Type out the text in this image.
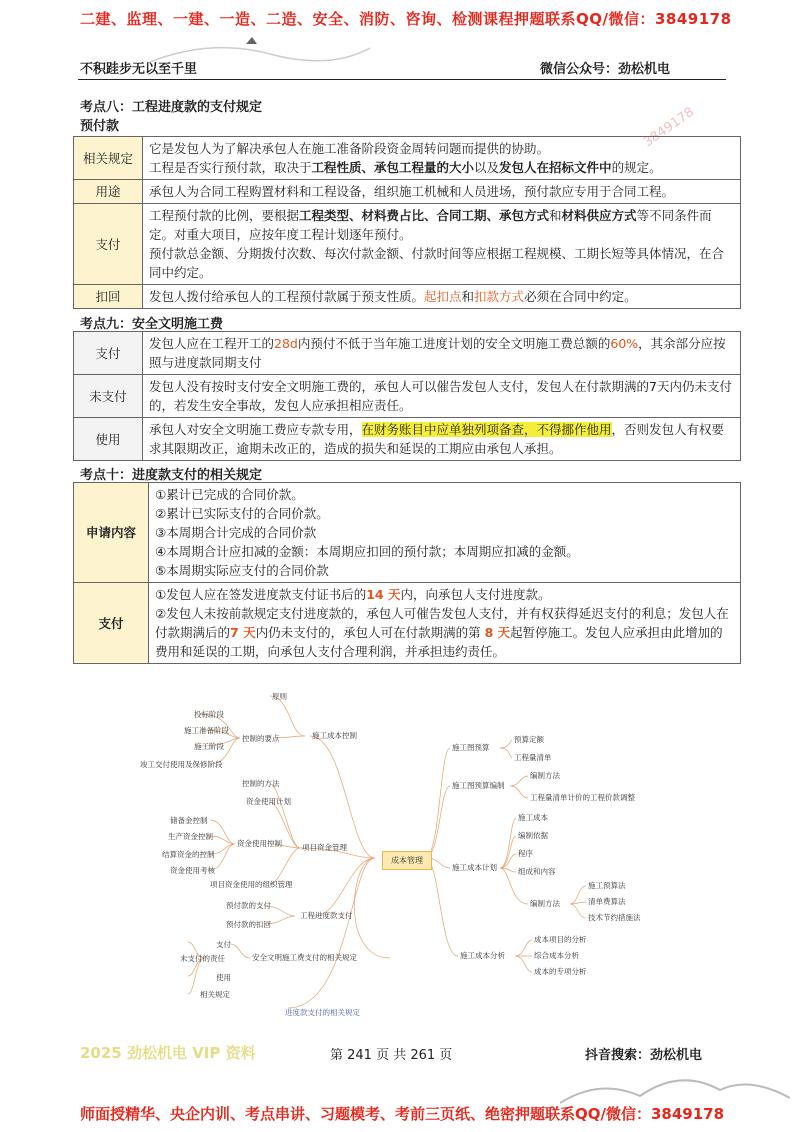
二建、监理、一建、一造、二造、安全、消防、咨询、检测课程押题联系QQ/微信：3849178
不积跬步无以至千里	微信公众号：劲松机电
3849178
考点八：工程进度款的支付规定
预付款
相关规定	它是发包人为了解决承包人在施工准备阶段资金周转问题而提供的协助。
工程是否实行预付款，取决于工程性质、承包工程量的大小以及发包人在招标文件中的规定。

用途	承包人为合同工程购置材料和工程设备，组织施工机械和人员进场，预付款应专用于合同工程。
支付	工程预付款的比例，要根据工程类型、材料费占比、合同工期、承包方式和材料供应方式等不同条件而定。对重大项目，应按年度工程计划逐年预付。
预付款总金额、分期拨付次数、每次付款金额、付款时间等应根据工程规模、工期长短等具体情况，在合同中约定。

扣回	发包人拨付给承包人的工程预付款属于预支性质。起扣点和扣款方式必须在合同中约定。
考点九：安全文明施工费
支付	发包人应在工程开工的28d内预付不低于当年施工进度计划的安全文明施工费总额的60%，其余部分应按照与进度款同期支付
未支付	发包人没有按时支付安全文明施工费的，承包人可以催告发包人支付，发包人在付款期满的7天内仍未支付的，若发生安全事故，发包人应承担相应责任。
使用	承包人对安全文明施工费应专款专用，在财务账目中应单独列项备查，不得挪作他用，否则发包人有权要求其限期改正，逾期未改正的，造成的损失和延误的工期应由承包人承担。
考点十：进度款支付的相关规定
申请内容	①累计已完成的合同价款。
②累计已实际支付的合同价款。
③本周期合计完成的合同价款
④本周期合计应扣减的金额：本周期应扣回的预付款；本周期应扣减的金额。
⑤本周期实际应支付的合同价款

支付	①发包人应在签发进度款支付证书后的14 天内，向承包人支付进度款。
②发包人未按前款规定支付进度款的，承包人可催告发包人支付，并有权获得延迟支付的利息；发包人在付款期满后的7 天内仍未支付的，承包人可在付款期满的第 8 天起暂停施工。发包人应承担由此增加的费用和延误的工期，向承包人支付合理利润，并承担违约责任。
成本管理
施工成本控制
原则
控制的要点
投标阶段
施工准备阶段
施工阶段
竣工交付使用及保修阶段
项目资金管理
控制的方法
资金使用计划
资金使用控制
储备金控制
生产资金控制
结算资金的控制
资金使用考核
项目资金使用的组织管理
工程进度款支付
预付款的支付
预付款的扣回
安全文明施工费支付的相关规定
未支付的责任
支付
使用
相关规定
进度款支付的相关规定
施工图预算
预算定额
工程量清单
施工图预算编制
编制方法
工程量清单计价的工程价款调整
施工成本计划
施工成本
编制依据
程序
组成和内容
编制方法
施工预算法
清单费算法
技术节约措施法
施工成本分析
成本项目的分析
综合成本分析
成本的专项分析
2025 劲松机电 VIP 资料	第 241 页 共 261 页	抖音搜索：劲松机电
师面授精华、央企内训、考点串讲、习题模考、考前三页纸、绝密押题联系QQ/微信：3849178
